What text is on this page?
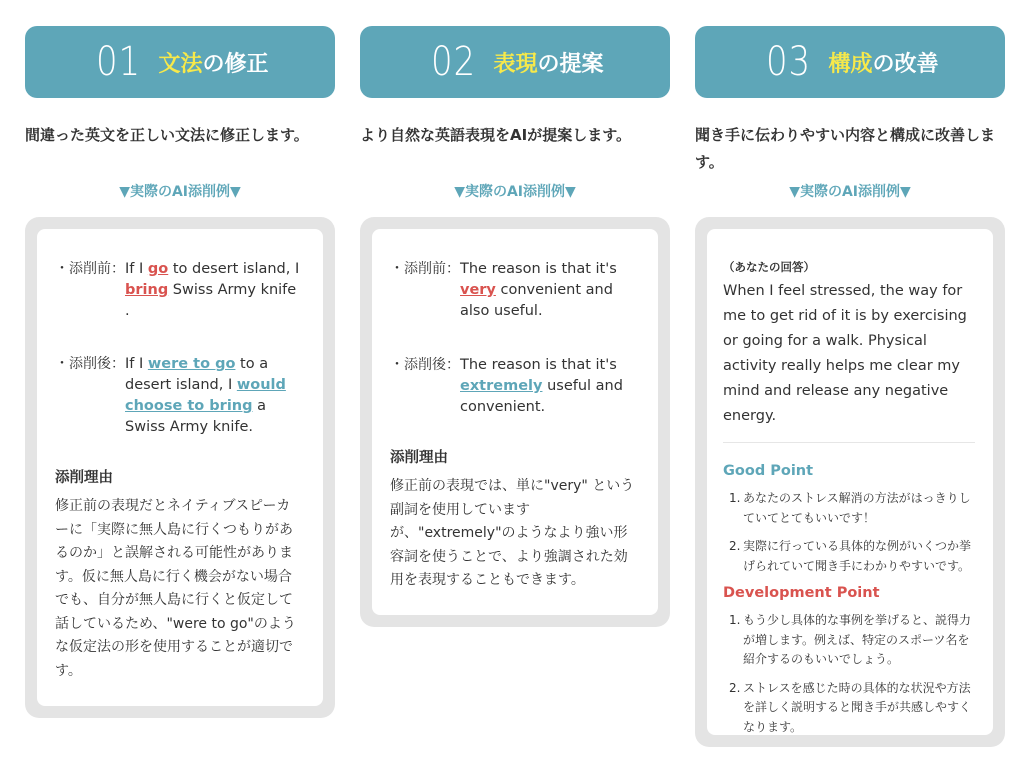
01 文法の修正
間違った英文を正しい文法に修正します。
▼実際のAI添削例▼
・添削前： If I go to desert island, I bring Swiss Army knife .
・添削後： If I were to go to a desert island, I would choose to bring a Swiss Army knife.
添削理由
修正前の表現だとネイティブスピーカーに「実際に無人島に行くつもりがあるのか」と誤解される可能性があります。仮に無人島に行く機会がない場合でも、自分が無人島に行くと仮定して話しているため、"were to go"のような仮定法の形を使用することが適切です。
02 表現の提案
より自然な英語表現をAIが提案します。
▼実際のAI添削例▼
・添削前： The reason is that it's very convenient and also useful.
・添削後： The reason is that it's extremely useful and convenient.
添削理由
修正前の表現では、単に"very" という副詞を使用していますが、"extremely"のようなより強い形容詞を使うことで、より強調された効用を表現することもできます。
03 構成の改善
聞き手に伝わりやすい内容と構成に改善します。
▼実際のAI添削例▼
（あなたの回答）
When I feel stressed, the way for me to get rid of it is by exercising or going for a walk. Physical activity really helps me clear my mind and release any negative energy.
Good Point
1. あなたのストレス解消の方法がはっきりしていてとてもいいです！
2. 実際に行っている具体的な例がいくつか挙げられていて聞き手にわかりやすいです。
Development Point
1. もう少し具体的な事例を挙げると、説得力が増します。例えば、特定のスポーツ名を紹介するのもいいでしょう。
2. ストレスを感じた時の具体的な状況や方法を詳しく説明すると聞き手が共感しやすくなります。
